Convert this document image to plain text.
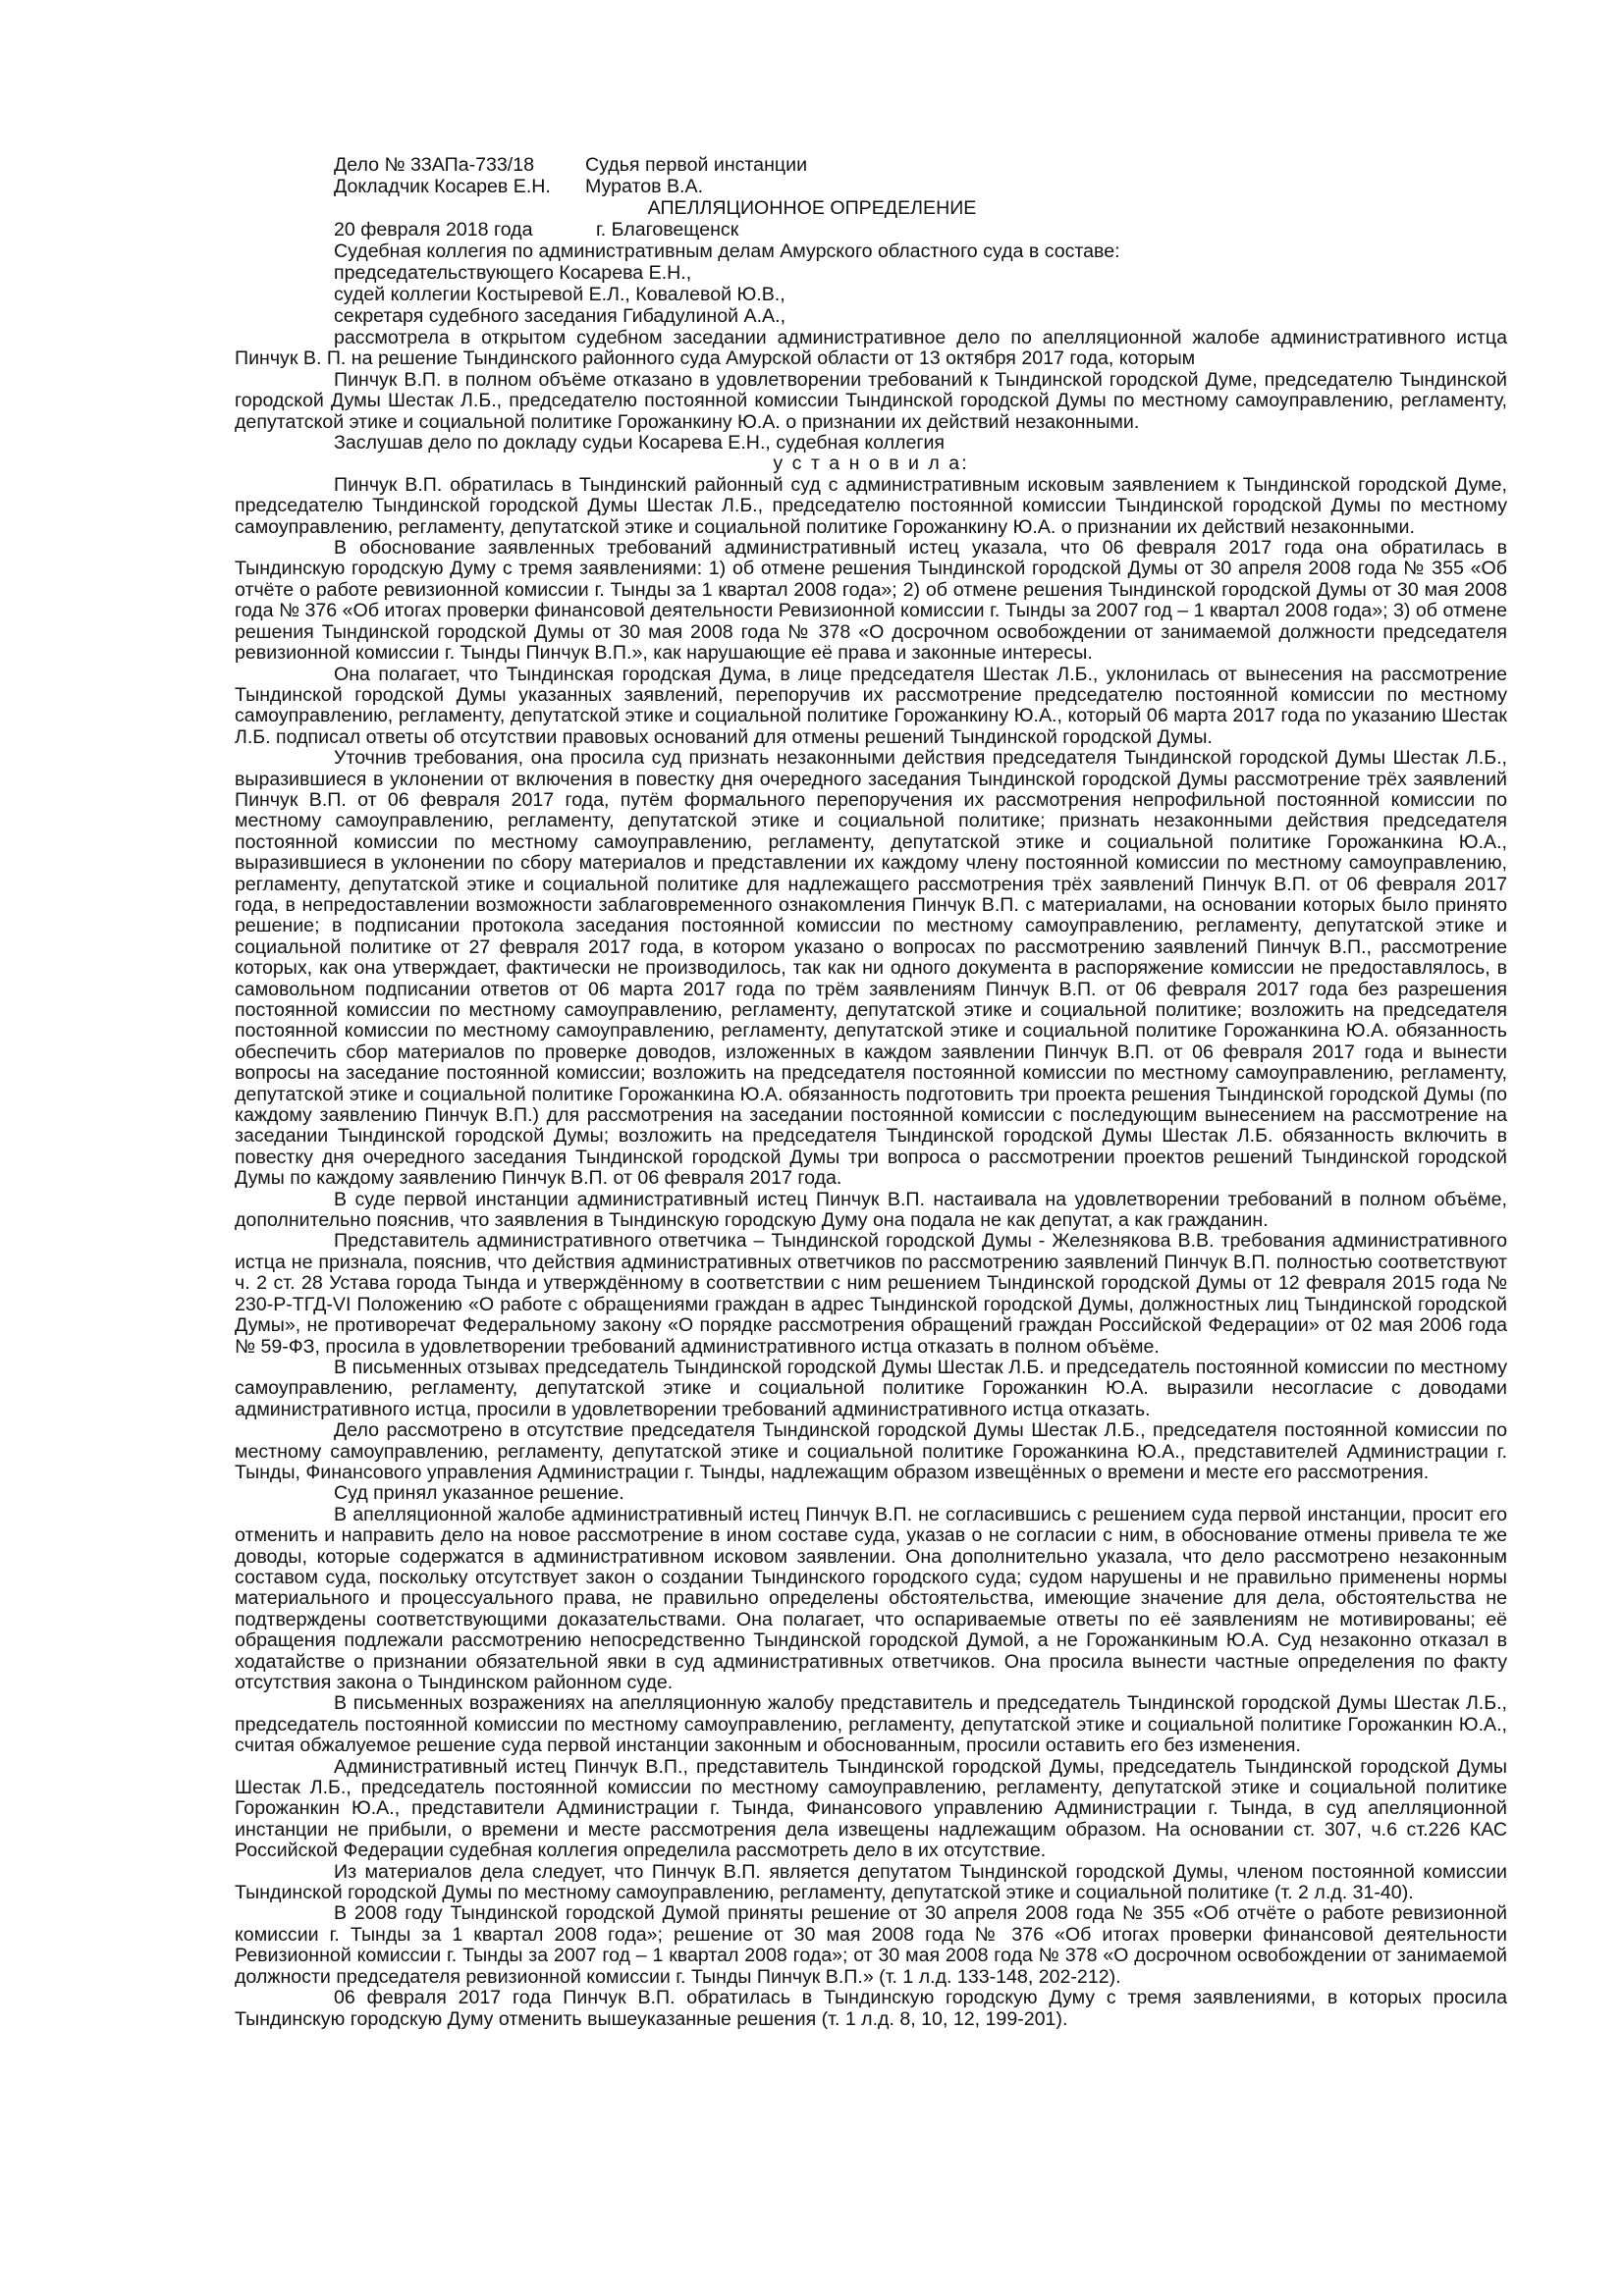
Дело № 33АПа-733/18	Судья первой инстанции
Докладчик Косарев Е.Н. Муратов В.А.
АПЕЛЛЯЦИОННОЕ ОПРЕДЕЛЕНИЕ
20 февраля 2018 года	г. Благовещенск
Судебная коллегия по административным делам Амурского областного суда в составе:
председательствующего Косарева Е.Н.,
судей коллегии Костыревой Е.Л., Ковалевой Ю.В.,
секретаря судебного заседания Гибадулиной А.А.,

рассмотрела в открытом судебном заседании административное дело по апелляционной жалобе административного истца Пинчук В. П. на решение Тындинского районного суда Амурской области от 13 октября 2017 года, которым

Пинчук В.П. в полном объёме отказано в удовлетворении требований к Тындинской городской Думе, председателю Тындинской городской Думы Шестак Л.Б., председателю постоянной комиссии Тындинской городской Думы по местному самоуправлению, регламенту, депутатской этике и социальной политике Горожанкину Ю.А. о признании их действий незаконными.

Заслушав дело по докладу судьи Косарева Е.Н., судебная коллегия

у с т а н о в и л а:

Пинчук В.П. обратилась в Тындинский районный суд с административным исковым заявлением к Тындинской городской Думе, председателю Тындинской городской Думы Шестак Л.Б., председателю постоянной комиссии Тындинской городской Думы по местному самоуправлению, регламенту, депутатской этике и социальной политике Горожанкину Ю.А. о признании их действий незаконными.

В обоснование заявленных требований административный истец указала, что 06 февраля 2017 года она обратилась в Тындинскую городскую Думу с тремя заявлениями: 1) об отмене решения Тындинской городской Думы от 30 апреля 2008 года № 355 «Об отчёте о работе ревизионной комиссии г. Тынды за 1 квартал 2008 года»; 2) об отмене решения Тындинской городской Думы от 30 мая 2008 года № 376 «Об итогах проверки финансовой деятельности Ревизионной комиссии г. Тынды за 2007 год – 1 квартал 2008 года»; 3) об отмене решения Тындинской городской Думы от 30 мая 2008 года № 378 «О досрочном освобождении от занимаемой должности председателя ревизионной комиссии г. Тынды Пинчук В.П.», как нарушающие её права и законные интересы.

Она полагает, что Тындинская городская Дума, в лице председателя Шестак Л.Б., уклонилась от вынесения на рассмотрение Тындинской городской Думы указанных заявлений, перепоручив их рассмотрение председателю постоянной комиссии по местному самоуправлению, регламенту, депутатской этике и социальной политике Горожанкину Ю.А., который 06 марта 2017 года по указанию Шестак Л.Б. подписал ответы об отсутствии правовых оснований для отмены решений Тындинской городской Думы.

Уточнив требования, она просила суд признать незаконными действия председателя Тындинской городской Думы Шестак Л.Б., выразившиеся в уклонении от включения в повестку дня очередного заседания Тындинской городской Думы рассмотрение трёх заявлений Пинчук В.П. от 06 февраля 2017 года, путём формального перепоручения их рассмотрения непрофильной постоянной комиссии по местному самоуправлению, регламенту, депутатской этике и социальной политике; признать незаконными действия председателя постоянной комиссии по местному самоуправлению, регламенту, депутатской этике и социальной политике Горожанкина Ю.А., выразившиеся в уклонении по сбору материалов и представлении их каждому члену постоянной комиссии по местному самоуправлению, регламенту, депутатской этике и социальной политике для надлежащего рассмотрения трёх заявлений Пинчук В.П. от 06 февраля 2017 года, в непредоставлении возможности заблаговременного ознакомления Пинчук В.П. с материалами, на основании которых было принято решение; в подписании протокола заседания постоянной комиссии по местному самоуправлению, регламенту, депутатской этике и социальной политике от 27 февраля 2017 года, в котором указано о вопросах по рассмотрению заявлений Пинчук В.П., рассмотрение которых, как она утверждает, фактически не производилось, так как ни одного документа в распоряжение комиссии не предоставлялось, в самовольном подписании ответов от 06 марта 2017 года по трём заявлениям Пинчук В.П. от 06 февраля 2017 года без разрешения постоянной комиссии по местному самоуправлению, регламенту, депутатской этике и социальной политике; возложить на председателя постоянной комиссии по местному самоуправлению, регламенту, депутатской этике и социальной политике Горожанкина Ю.А. обязанность обеспечить сбор материалов по проверке доводов, изложенных в каждом заявлении Пинчук В.П. от 06 февраля 2017 года и вынести вопросы на заседание постоянной комиссии; возложить на председателя постоянной комиссии по местному самоуправлению, регламенту, депутатской этике и социальной политике Горожанкина Ю.А. обязанность подготовить три проекта решения Тындинской городской Думы (по каждому заявлению Пинчук В.П.) для рассмотрения на заседании постоянной комиссии с последующим вынесением на рассмотрение на заседании Тындинской городской Думы; возложить на председателя Тындинской городской Думы Шестак Л.Б. обязанность включить в повестку дня очередного заседания Тындинской городской Думы три вопроса о рассмотрении проектов решений Тындинской городской Думы по каждому заявлению Пинчук В.П. от 06 февраля 2017 года.

В суде первой инстанции административный истец Пинчук В.П. настаивала на удовлетворении требований в полном объёме, дополнительно пояснив, что заявления в Тындинскую городскую Думу она подала не как депутат, а как гражданин.

Представитель административного ответчика – Тындинской городской Думы - Железнякова В.В. требования административного истца не признала, пояснив, что действия административных ответчиков по рассмотрению заявлений Пинчук В.П. полностью соответствуют ч. 2 ст. 28 Устава города Тында и утверждённому в соответствии с ним решением Тындинской городской Думы от 12 февраля 2015 года № 230-Р-ТГД-VI Положению «О работе с обращениями граждан в адрес Тындинской городской Думы, должностных лиц Тындинской городской Думы», не противоречат Федеральному закону «О порядке рассмотрения обращений граждан Российской Федерации» от 02 мая 2006 года № 59-ФЗ, просила в удовлетворении требований административного истца отказать в полном объёме.

В письменных отзывах председатель Тындинской городской Думы Шестак Л.Б. и председатель постоянной комиссии по местному самоуправлению, регламенту, депутатской этике и социальной политике Горожанкин Ю.А. выразили несогласие с доводами административного истца, просили в удовлетворении требований административного истца отказать.

Дело рассмотрено в отсутствие председателя Тындинской городской Думы Шестак Л.Б., председателя постоянной комиссии по местному самоуправлению, регламенту, депутатской этике и социальной политике Горожанкина Ю.А., представителей Администрации г. Тынды, Финансового управления Администрации г. Тынды, надлежащим образом извещённых о времени и месте его рассмотрения.

Суд принял указанное решение.

В апелляционной жалобе административный истец Пинчук В.П. не согласившись с решением суда первой инстанции, просит его отменить и направить дело на новое рассмотрение в ином составе суда, указав о не согласии с ним, в обоснование отмены привела те же доводы, которые содержатся в административном исковом заявлении. Она дополнительно указала, что дело рассмотрено незаконным составом суда, поскольку отсутствует закон о создании Тындинского городского суда; судом нарушены и не правильно применены нормы материального и процессуального права, не правильно определены обстоятельства, имеющие значение для дела, обстоятельства не подтверждены соответствующими доказательствами. Она полагает, что оспариваемые ответы по её заявлениям не мотивированы; её обращения подлежали рассмотрению непосредственно Тындинской городской Думой, а не Горожанкиным Ю.А. Суд незаконно отказал в ходатайстве о признании обязательной явки в суд административных ответчиков. Она просила вынести частные определения по факту отсутствия закона о Тындинском районном суде.

В письменных возражениях на апелляционную жалобу представитель и председатель Тындинской городской Думы Шестак Л.Б., председатель постоянной комиссии по местному самоуправлению, регламенту, депутатской этике и социальной политике Горожанкин Ю.А., считая обжалуемое решение суда первой инстанции законным и обоснованным, просили оставить его без изменения.

Административный истец Пинчук В.П., представитель Тындинской городской Думы, председатель Тындинской городской Думы Шестак Л.Б., председатель постоянной комиссии по местному самоуправлению, регламенту, депутатской этике и социальной политике Горожанкин Ю.А., представители Администрации г. Тында, Финансового управлению Администрации г. Тында, в суд апелляционной инстанции не прибыли, о времени и месте рассмотрения дела извещены надлежащим образом. На основании ст. 307, ч.6 ст.226 КАС Российской Федерации судебная коллегия определила рассмотреть дело в их отсутствие.

Из материалов дела следует, что Пинчук В.П. является депутатом Тындинской городской Думы, членом постоянной комиссии Тындинской городской Думы по местному самоуправлению, регламенту, депутатской этике и социальной политике (т. 2 л.д. 31-40).

В 2008 году Тындинской городской Думой приняты решение от 30 апреля 2008 года № 355 «Об отчёте о работе ревизионной комиссии г. Тынды за 1 квартал 2008 года»; решение от 30 мая 2008 года № 376 «Об итогах проверки финансовой деятельности Ревизионной комиссии г. Тынды за 2007 год – 1 квартал 2008 года»; от 30 мая 2008 года № 378 «О досрочном освобождении от занимаемой должности председателя ревизионной комиссии г. Тынды Пинчук В.П.» (т. 1 л.д. 133-148, 202-212).

06 февраля 2017 года Пинчук В.П. обратилась в Тындинскую городскую Думу с тремя заявлениями, в которых просила Тындинскую городскую Думу отменить вышеуказанные решения (т. 1 л.д. 8, 10, 12, 199-201).
